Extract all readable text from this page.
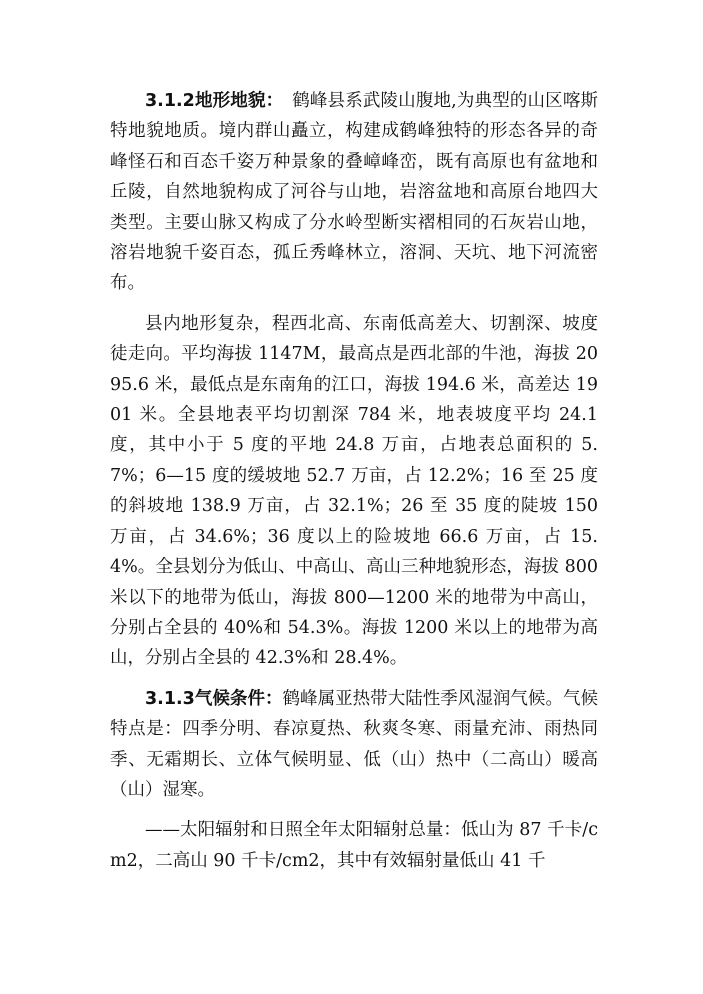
3.1.2地形地貌：　鹤峰县系武陵山腹地,为典型的山区喀斯特地貌地质。境内群山矗立，构建成鹤峰独特的形态各异的奇峰怪石和百态千姿万种景象的叠嶂峰峦，既有高原也有盆地和丘陵，自然地貌构成了河谷与山地，岩溶盆地和高原台地四大类型。主要山脉又构成了分水岭型断实褶相同的石灰岩山地，溶岩地貌千姿百态，孤丘秀峰林立，溶洞、天坑、地下河流密布。

县内地形复杂，程西北高、东南低高差大、切割深、坡度徒走向。平均海拔 1147M，最高点是西北部的牛池，海拔 2095.6 米，最低点是东南角的江口，海拔 194.6 米，高差达 1901 米。全县地表平均切割深 784 米，地表坡度平均 24.1 度，其中小于 5 度的平地 24.8 万亩，占地表总面积的 5.7%；6—15 度的缓坡地 52.7 万亩，占 12.2%；16 至 25 度的斜坡地 138.9 万亩，占 32.1%；26 至 35 度的陡坡 150 万亩，占 34.6%；36 度以上的险坡地 66.6 万亩，占 15.4%。全县划分为低山、中高山、高山三种地貌形态，海拔 800 米以下的地带为低山，海拔 800—1200 米的地带为中高山，分别占全县的 40%和 54.3%。海拔 1200 米以上的地带为高山，分别占全县的 42.3%和 28.4%。

3.1.3气候条件：鹤峰属亚热带大陆性季风湿润气候。气候特点是：四季分明、春凉夏热、秋爽冬寒、雨量充沛、雨热同季、无霜期长、立体气候明显、低（山）热中（二高山）暖高（山）湿寒。

——太阳辐射和日照全年太阳辐射总量：低山为 87 千卡/cm2，二高山 90 千卡/cm2，其中有效辐射量低山 41 千
